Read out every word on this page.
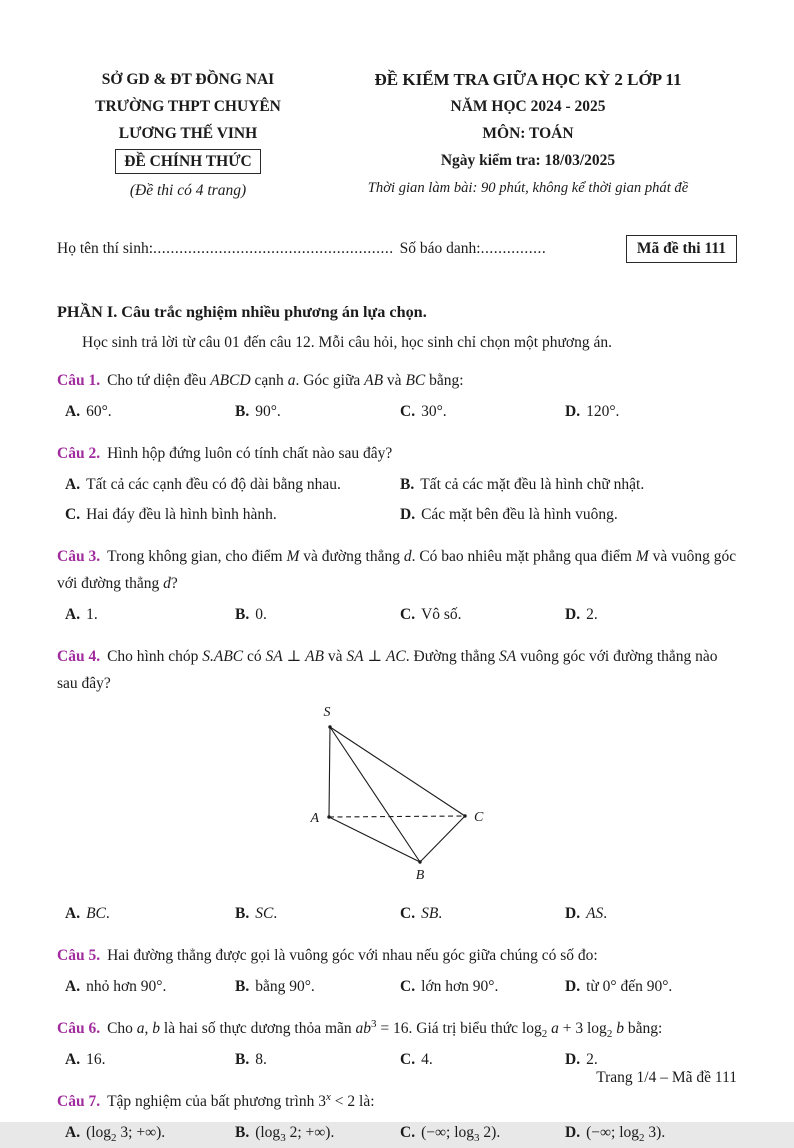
SỞ GD & ĐT ĐỒNG NAI
TRƯỜNG THPT CHUYÊN
LƯƠNG THẾ VINH
ĐỀ CHÍNH THỨC
(Đề thi có 4 trang)
ĐỀ KIỂM TRA GIỮA HỌC KỲ 2 LỚP 11
NĂM HỌC 2024 - 2025
MÔN: TOÁN
Ngày kiểm tra: 18/03/2025
Thời gian làm bài: 90 phút, không kể thời gian phát đề
Họ tên thí sinh: ....................................................... Số báo danh: ...............	Mã đề thi 111
PHẦN I. Câu trắc nghiệm nhiều phương án lựa chọn.
Học sinh trả lời từ câu 01 đến câu 12. Mỗi câu hỏi, học sinh chỉ chọn một phương án.
Câu 1. Cho tứ diện đều ABCD cạnh a. Góc giữa AB và BC bằng:
A. 60°.	B. 90°.	C. 30°.	D. 120°.
Câu 2. Hình hộp đứng luôn có tính chất nào sau đây?
A. Tất cả các cạnh đều có độ dài bằng nhau.	B. Tất cả các mặt đều là hình chữ nhật.
C. Hai đáy đều là hình bình hành.	D. Các mặt bên đều là hình vuông.
Câu 3. Trong không gian, cho điểm M và đường thẳng d. Có bao nhiêu mặt phẳng qua điểm M và vuông góc với đường thẳng d?
A. 1.	B. 0.	C. Vô số.	D. 2.
Câu 4. Cho hình chóp S.ABC có SA ⊥ AB và SA ⊥ AC. Đường thẳng SA vuông góc với đường thẳng nào sau đây?
S
A
B
C
A. BC.	B. SC.	C. SB.	D. AS.
Câu 5. Hai đường thẳng được gọi là vuông góc với nhau nếu góc giữa chúng có số đo:
A. nhỏ hơn 90°.	B. bằng 90°.	C. lớn hơn 90°.	D. từ 0° đến 90°.
Câu 6. Cho a, b là hai số thực dương thỏa mãn $ab^3 = 16$. Giá trị biểu thức $\log_2 a + 3$ $\log_2 b$ bằng:
A. 16.	B. 8.	C. 4.	D. 2.
Câu 7. Tập nghiệm của bất phương trình $3^x < 2$ là:
A. ($\log_2$ 3; +∞).	B. ($\log_3$ 2; +∞).	C. (−∞; $\log_3 2$).	D. (−∞; $\log_2 3$).
Trang 1/4 – Mã đề 111
